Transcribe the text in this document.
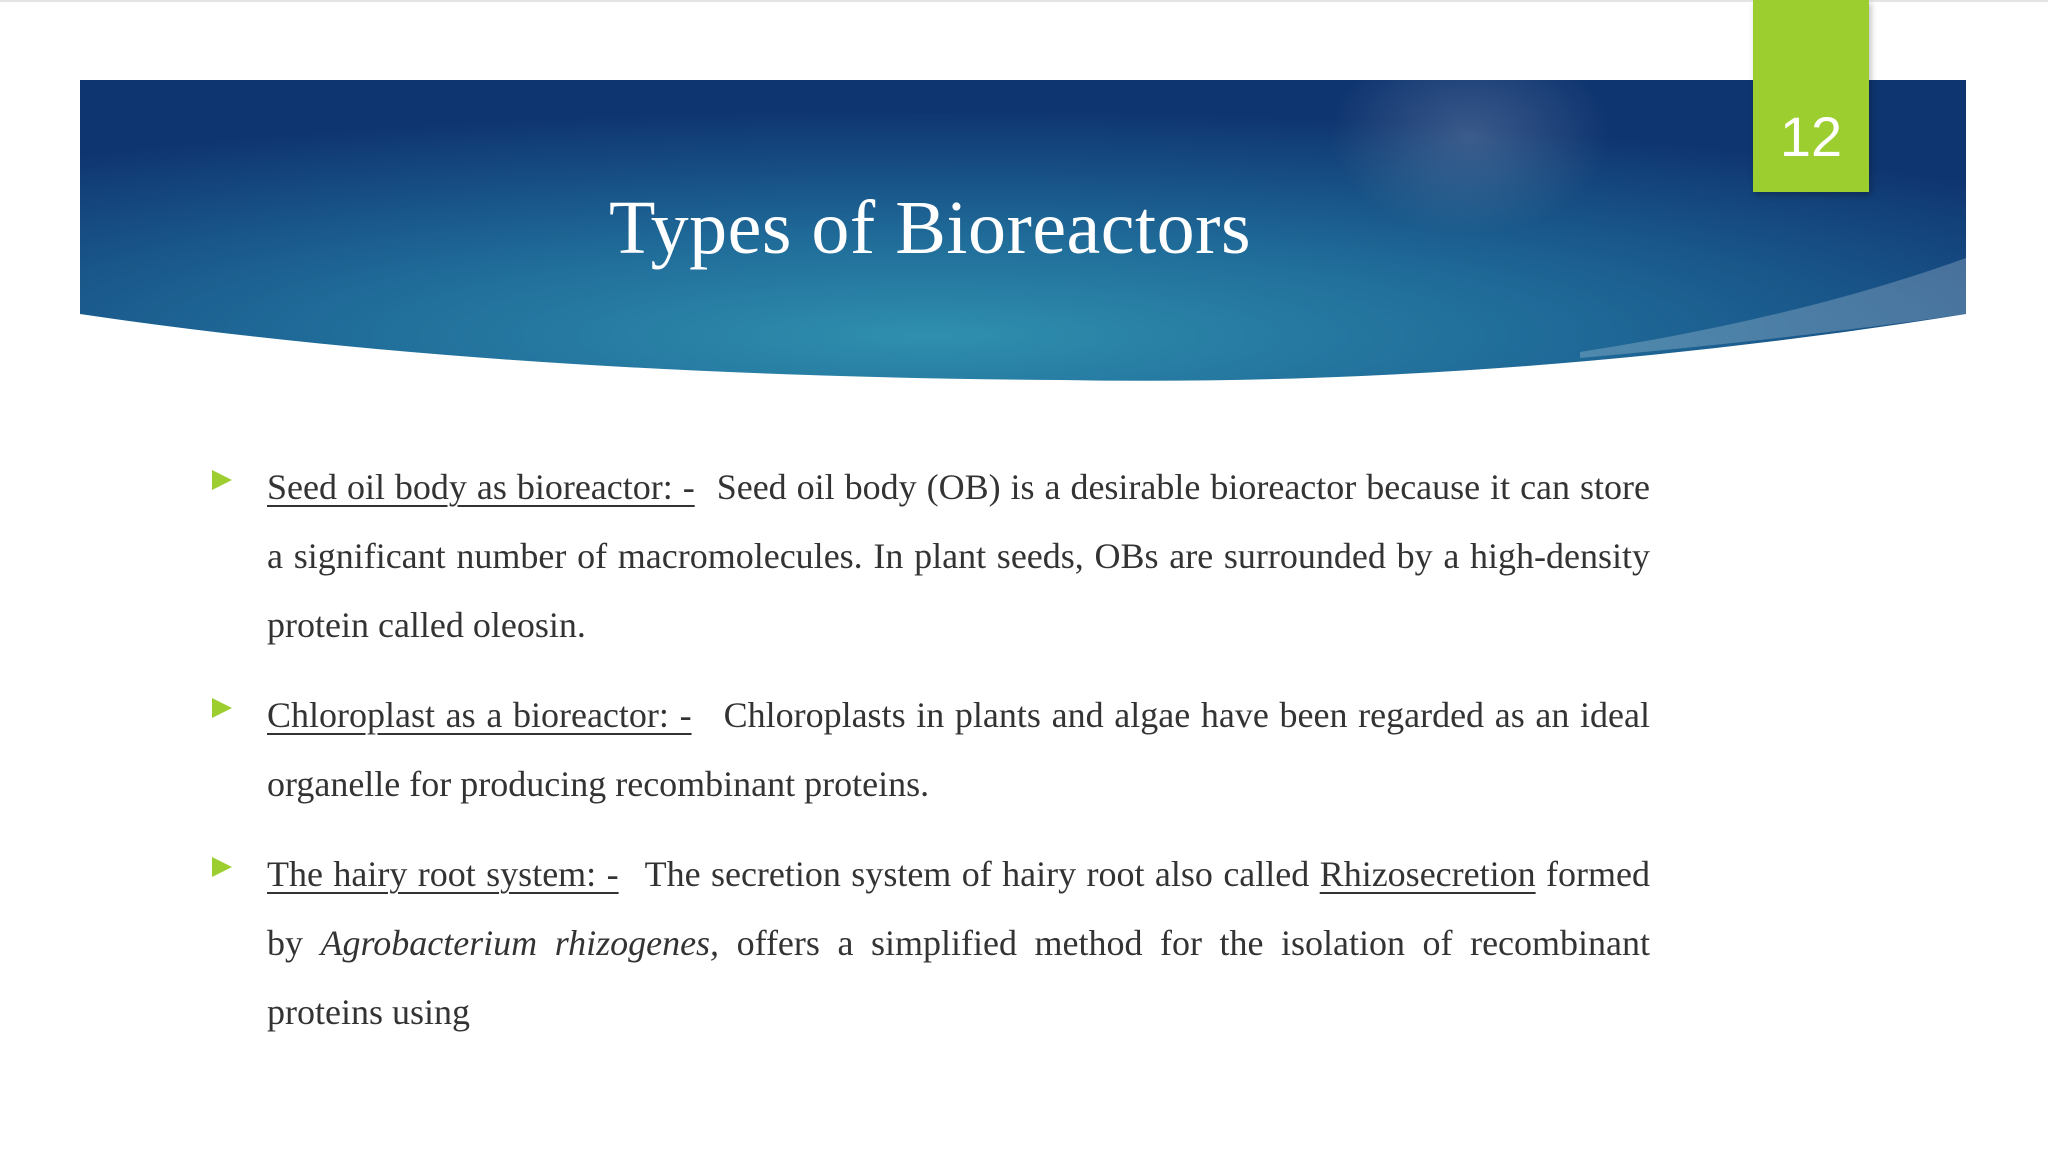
12
Types of Bioreactors
Seed oil body as bioreactor: - Seed oil body (OB) is a desirable bioreactor because it can store a significant number of macromolecules. In plant seeds, OBs are surrounded by a high-density protein called oleosin.
Chloroplast as a bioreactor: - Chloroplasts in plants and algae have been regarded as an ideal organelle for producing recombinant proteins.
The hairy root system: - The secretion system of hairy root also called Rhizosecretion formed by Agrobacterium rhizogenes, offers a simplified method for the isolation of recombinant proteins using
